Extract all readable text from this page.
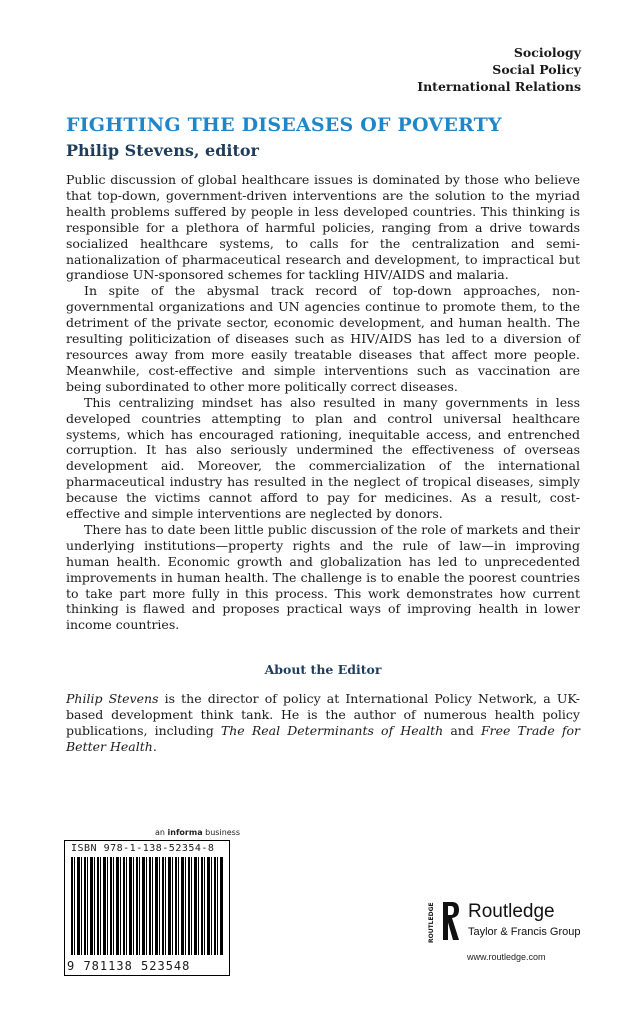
Sociology
Social Policy
International Relations
FIGHTING THE DISEASES OF POVERTY
Philip Stevens, editor

Public discussion of global healthcare issues is dominated by those who believe that top-down, government-driven interventions are the solution to the myriad health problems suffered by people in less developed countries. This thinking is responsible for a plethora of harmful policies, ranging from a drive towards socialized healthcare systems, to calls for the centralization and semi-nationalization of pharmaceutical research and development, to impractical but grandiose UN-sponsored schemes for tackling HIV/AIDS and malaria.

In spite of the abysmal track record of top-down approaches, non-governmental organizations and UN agencies continue to promote them, to the detriment of the private sector, economic development, and human health. The resulting politicization of diseases such as HIV/AIDS has led to a diversion of resources away from more easily treatable diseases that affect more people. Meanwhile, cost-effective and simple interventions such as vaccination are being subordinated to other more politically correct diseases.

This centralizing mindset has also resulted in many governments in less developed countries attempting to plan and control universal healthcare systems, which has encouraged rationing, inequitable access, and entrenched corruption. It has also seriously undermined the effectiveness of overseas development aid. Moreover, the commercialization of the international pharmaceutical industry has resulted in the neglect of tropical diseases, simply because the victims cannot afford to pay for medicines. As a result, cost-effective and simple interventions are neglected by donors.

There has to date been little public discussion of the role of markets and their underlying institutions—property rights and the rule of law—in improving human health. Economic growth and globalization has led to unprecedented improvements in human health. The challenge is to enable the poorest countries to take part more fully in this process. This work demonstrates how current thinking is flawed and proposes practical ways of improving health in lower income countries.

About the Editor

Philip Stevens is the director of policy at International Policy Network, a UK-based development think tank. He is the author of numerous health policy publications, including The Real Determinants of Health and Free Trade for Better Health.

an informa business
ISBN 978-1-138-52354-8
9 781138 523548
ROUTLEDGE Routledge
Taylor & Francis Group
www.routledge.com
